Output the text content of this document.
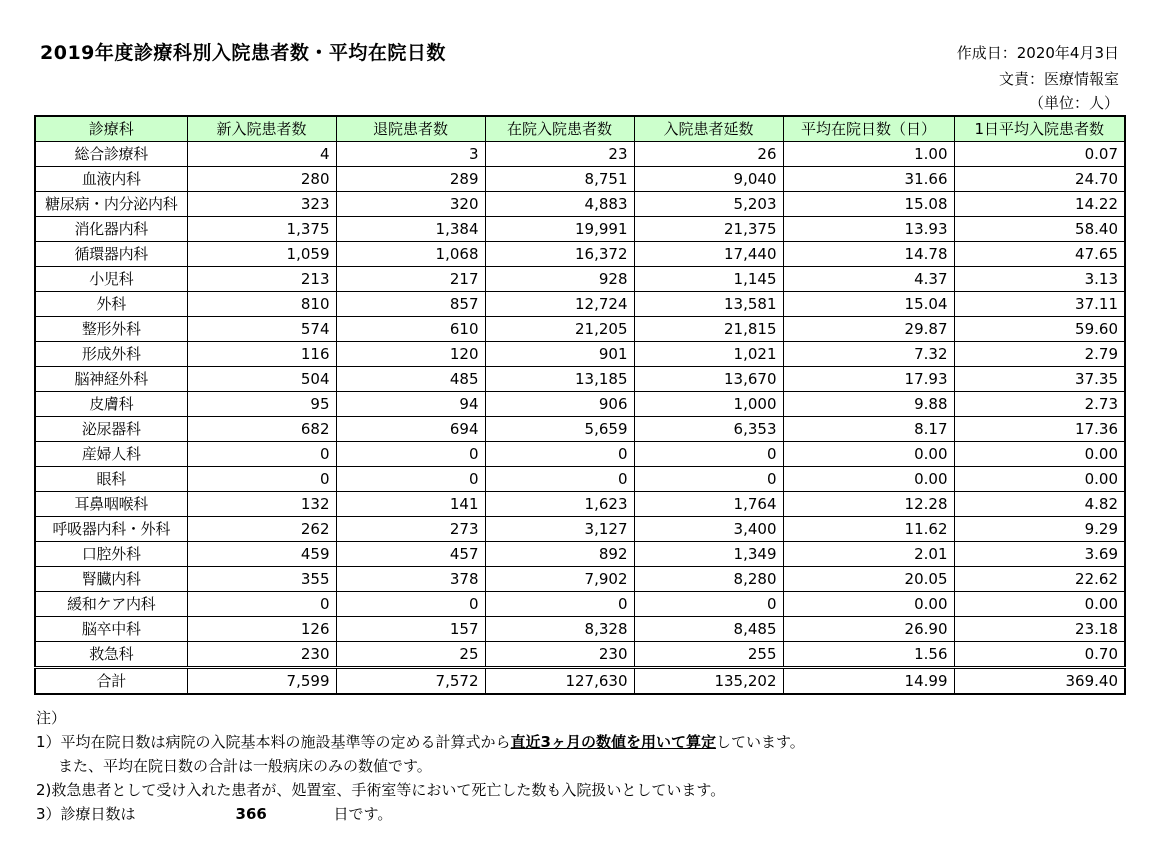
2019年度診療科別入院患者数・平均在院日数	作成日：2020年4月3日
文責：医療情報室
（単位：人）
診療科	新入院患者数	退院患者数	在院入院患者数	入院患者延数	平均在院日数（日）	1日平均入院患者数
総合診療科	4	3	23	26	1.00	0.07
血液内科	280	289	8,751	9,040	31.66	24.70
糖尿病・内分泌内科	323	320	4,883	5,203	15.08	14.22
消化器内科	1,375	1,384	19,991	21,375	13.93	58.40
循環器内科	1,059	1,068	16,372	17,440	14.78	47.65
小児科	213	217	928	1,145	4.37	3.13
外科	810	857	12,724	13,581	15.04	37.11
整形外科	574	610	21,205	21,815	29.87	59.60
形成外科	116	120	901	1,021	7.32	2.79
脳神経外科	504	485	13,185	13,670	17.93	37.35
皮膚科	95	94	906	1,000	9.88	2.73
泌尿器科	682	694	5,659	6,353	8.17	17.36
産婦人科	0	0	0	0	0.00	0.00
眼科	0	0	0	0	0.00	0.00
耳鼻咽喉科	132	141	1,623	1,764	12.28	4.82
呼吸器内科・外科	262	273	3,127	3,400	11.62	9.29
口腔外科	459	457	892	1,349	2.01	3.69
腎臓内科	355	378	7,902	8,280	20.05	22.62
緩和ケア内科	0	0	0	0	0.00	0.00
脳卒中科	126	157	8,328	8,485	26.90	23.18
救急科	230	25	230	255	1.56	0.70
合計	7,599	7,572	127,630	135,202	14.99	369.40
注）
1）平均在院日数は病院の入院基本料の施設基準等の定める計算式から直近3ヶ月の数値を用いて算定しています。
また、平均在院日数の合計は一般病床のみの数値です。
2)救急患者として受け入れた患者が、処置室、手術室等において死亡した数も入院扱いとしています。
3）診療日数は	366	日です。
